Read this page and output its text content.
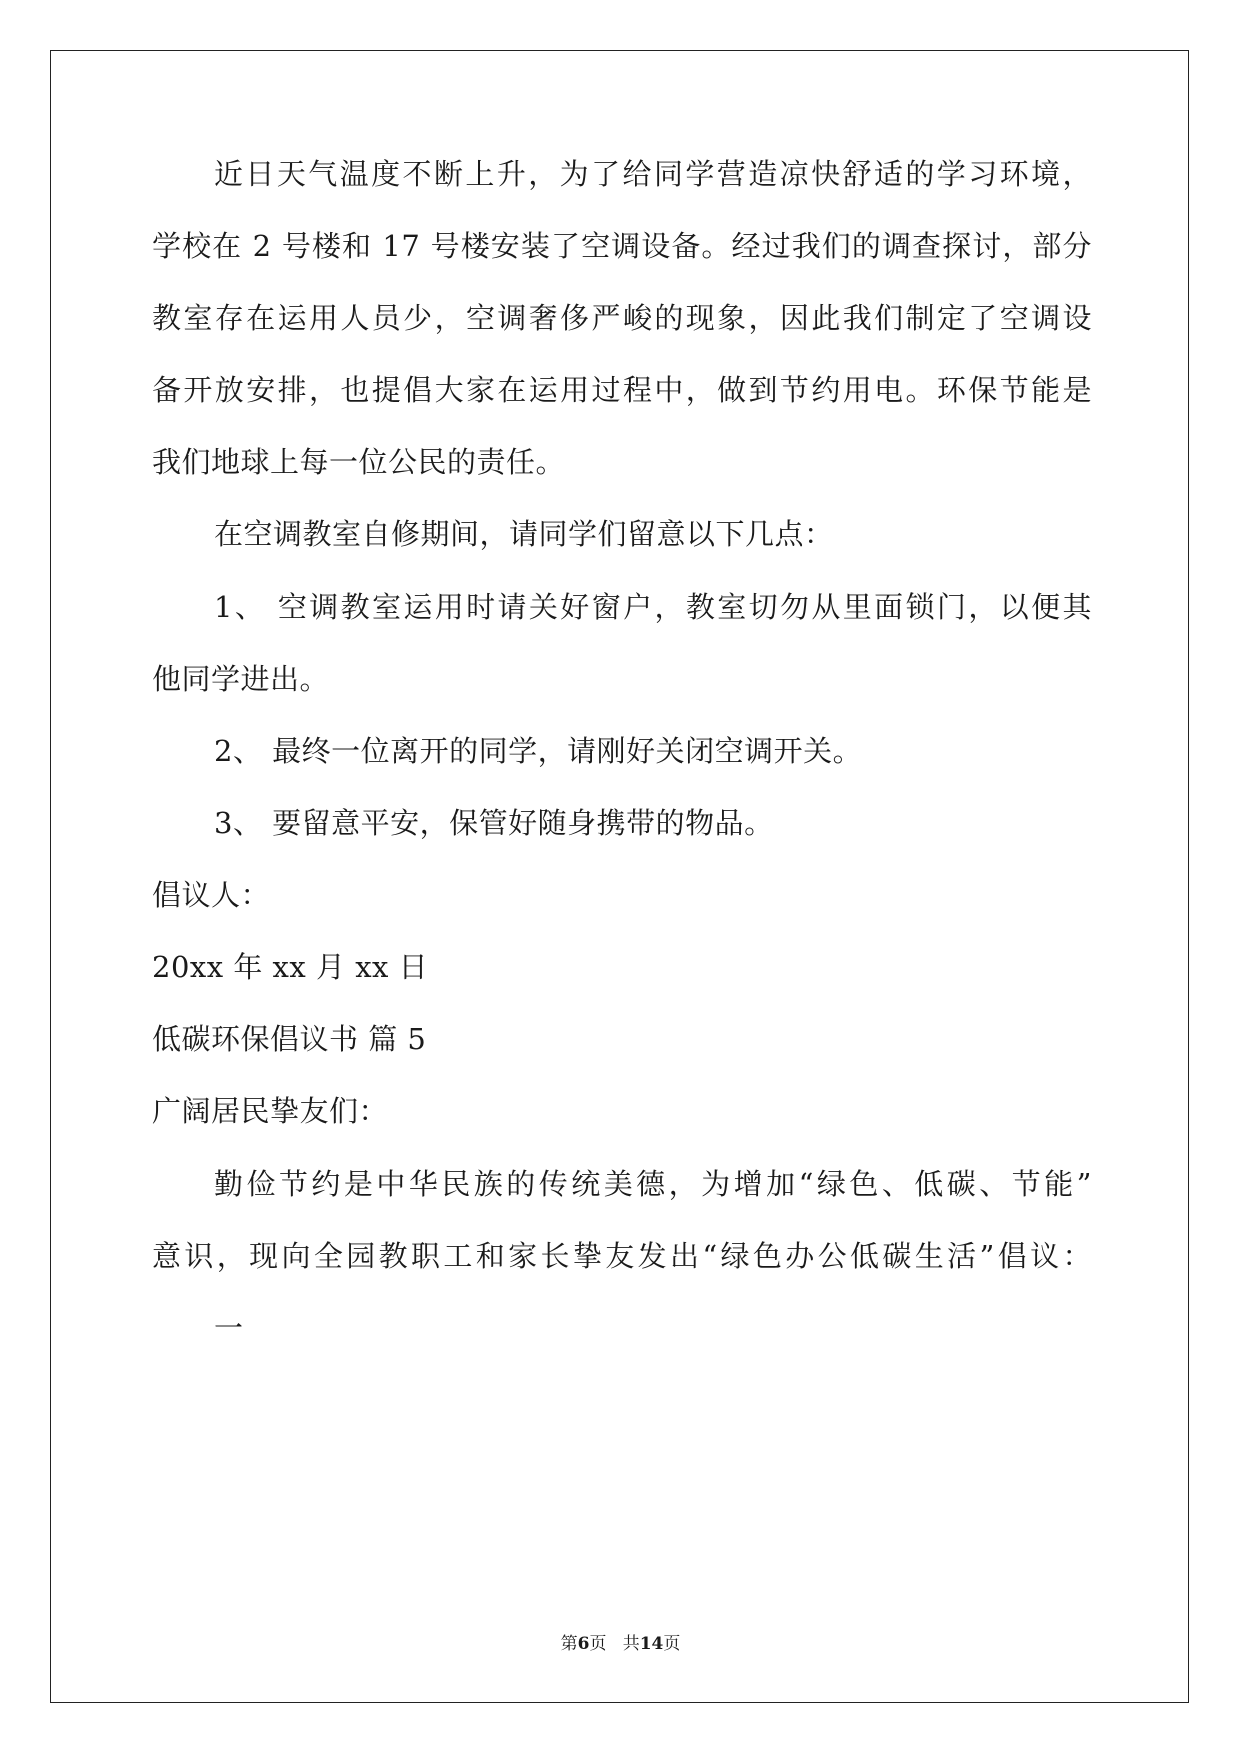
近日天气温度不断上升，为了给同学营造凉快舒适的学习环境，
学校在 2 号楼和 17 号楼安装了空调设备。经过我们的调查探讨，部分
教室存在运用人员少，空调奢侈严峻的现象，因此我们制定了空调设
备开放安排，也提倡大家在运用过程中，做到节约用电。环保节能是
我们地球上每一位公民的责任。
在空调教室自修期间，请同学们留意以下几点：
1、 空调教室运用时请关好窗户，教室切勿从里面锁门，以便其
他同学进出。
2、 最终一位离开的同学，请刚好关闭空调开关。
3、 要留意平安，保管好随身携带的物品。
倡议人：
20xx 年 xx 月 xx 日
低碳环保倡议书 篇 5
广阔居民挚友们：
勤俭节约是中华民族的传统美德，为增加“绿色、低碳、节能”
意识，现向全园教职工和家长挚友发出“绿色办公低碳生活”倡议：
一
第6页 共14页
